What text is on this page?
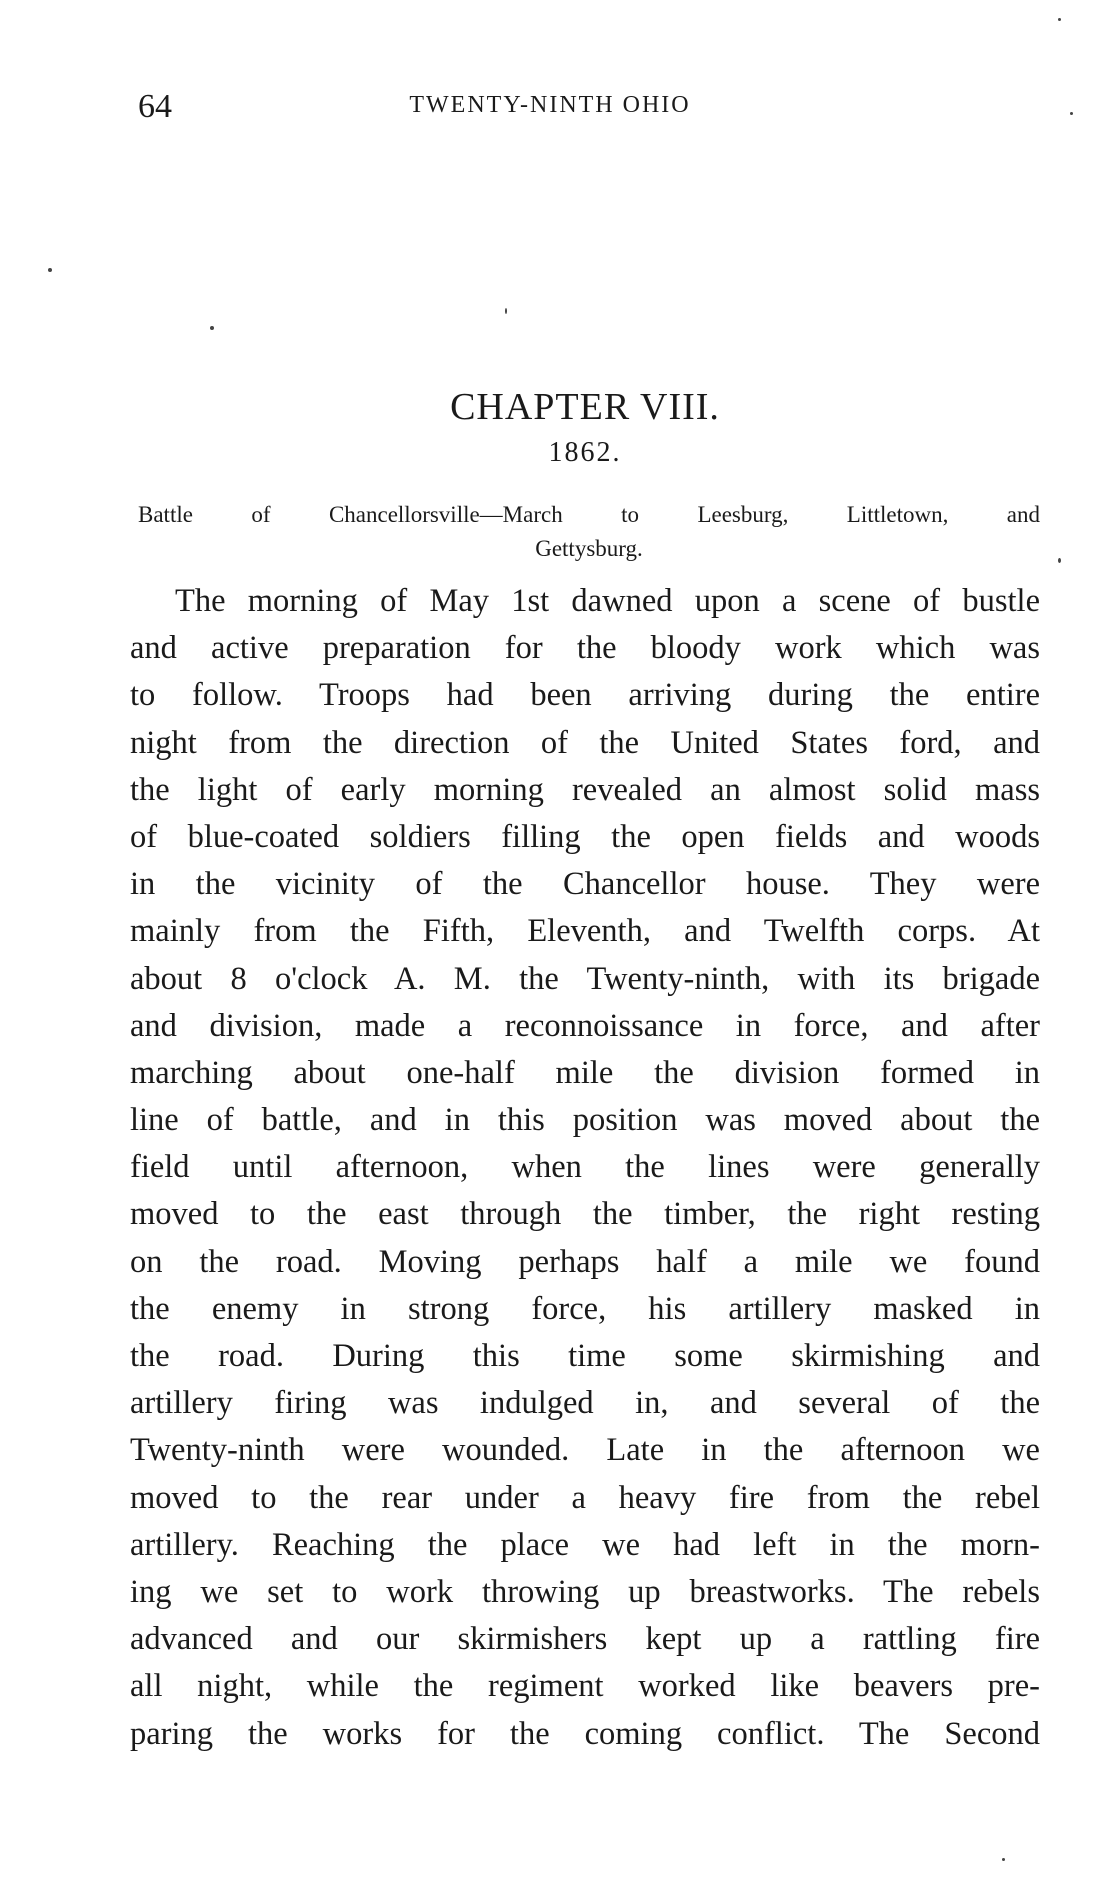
64	TWENTY-NINTH OHIO
CHAPTER VIII.
1862.
Battle of Chancellorsville—March to Leesburg, Littletown, and
Gettysburg.
The morning of May 1st dawned upon a scene of bustle
and active preparation for the bloody work which was
to follow. Troops had been arriving during the entire
night from the direction of the United States ford, and
the light of early morning revealed an almost solid mass
of blue-coated soldiers filling the open fields and woods
in the vicinity of the Chancellor house. They were
mainly from the Fifth, Eleventh, and Twelfth corps. At
about 8 o'clock A. M. the Twenty-ninth, with its brigade
and division, made a reconnoissance in force, and after
marching about one-half mile the division formed in
line of battle, and in this position was moved about the
field until afternoon, when the lines were generally
moved to the east through the timber, the right resting
on the road. Moving perhaps half a mile we found
the enemy in strong force, his artillery masked in
the road. During this time some skirmishing and
artillery firing was indulged in, and several of the
Twenty-ninth were wounded. Late in the afternoon we
moved to the rear under a heavy fire from the rebel
artillery. Reaching the place we had left in the morn-
ing we set to work throwing up breastworks. The rebels
advanced and our skirmishers kept up a rattling fire
all night, while the regiment worked like beavers pre-
paring the works for the coming conflict. The Second
